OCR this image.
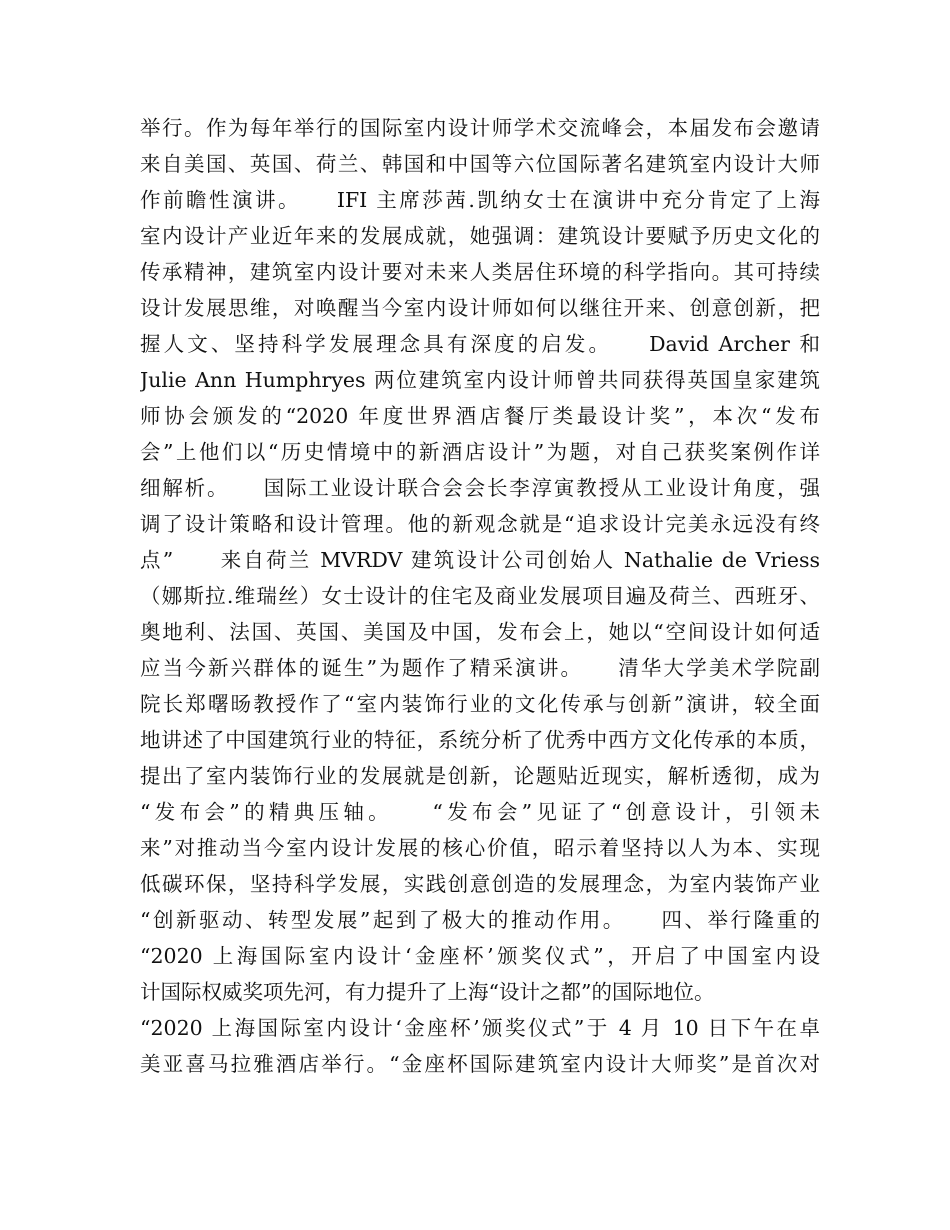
举行。作为每年举行的国际室内设计师学术交流峰会，本届发布会邀请
来自美国、英国、荷兰、韩国和中国等六位国际著名建筑室内设计大师
作前瞻性演讲。　　IFI 主席莎茜.凯纳女士在演讲中充分肯定了上海
室内设计产业近年来的发展成就，她强调：建筑设计要赋予历史文化的
传承精神，建筑室内设计要对未来人类居住环境的科学指向。其可持续
设计发展思维，对唤醒当今室内设计师如何以继往开来、创意创新，把
握人文、坚持科学发展理念具有深度的启发。　　David Archer 和
Julie Ann Humphryes 两位建筑室内设计师曾共同获得英国皇家建筑
师协会颁发的“2020 年度世界酒店餐厅类最设计奖”，本次“发布
会”上他们以“历史情境中的新酒店设计”为题，对自己获奖案例作详
细解析。　　国际工业设计联合会会长李淳寅教授从工业设计角度，强
调了设计策略和设计管理。他的新观念就是“追求设计完美永远没有终
点”　　来自荷兰 MVRDV 建筑设计公司创始人 Nathalie de Vriess
（娜斯拉.维瑞丝）女士设计的住宅及商业发展项目遍及荷兰、西班牙、
奥地利、法国、英国、美国及中国，发布会上，她以“空间设计如何适
应当今新兴群体的诞生”为题作了精采演讲。　　清华大学美术学院副
院长郑曙旸教授作了“室内装饰行业的文化传承与创新”演讲，较全面
地讲述了中国建筑行业的特征，系统分析了优秀中西方文化传承的本质，
提出了室内装饰行业的发展就是创新，论题贴近现实，解析透彻，成为
“发布会”的精典压轴。　　“发布会”见证了“创意设计，引领未
来”对推动当今室内设计发展的核心价值，昭示着坚持以人为本、实现
低碳环保，坚持科学发展，实践创意创造的发展理念，为室内装饰产业
“创新驱动、转型发展”起到了极大的推动作用。　　四、举行隆重的
“2020 上海国际室内设计‘金座杯’颁奖仪式”，开启了中国室内设
计国际权威奖项先河，有力提升了上海“设计之都”的国际地位。
“2020 上海国际室内设计‘金座杯’颁奖仪式”于 4 月 10 日下午在卓
美亚喜马拉雅酒店举行。“金座杯国际建筑室内设计大师奖”是首次对
